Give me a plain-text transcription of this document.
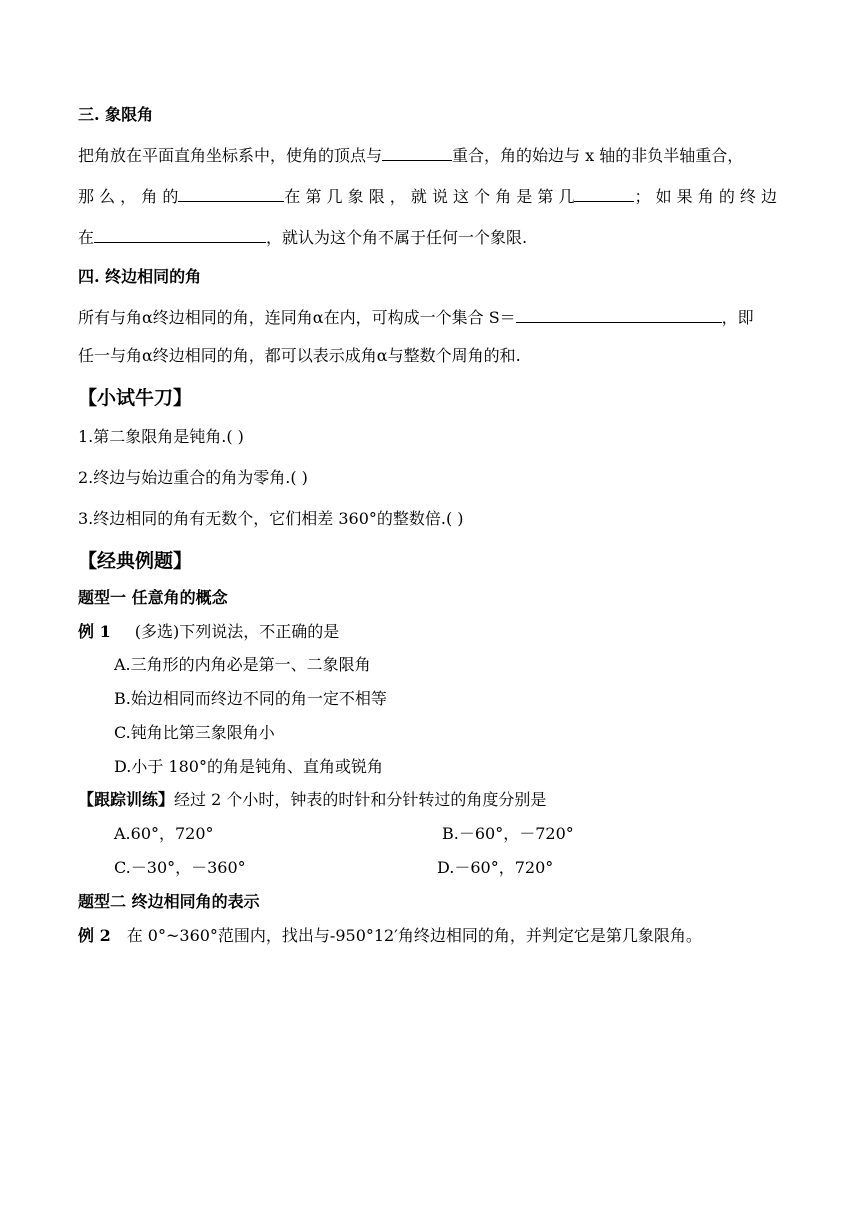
三. 象限角
把角放在平面直角坐标系中，使角的顶点与	重合，角的始边与 x 轴的非负半轴重合，
那 么 ， 角 的	在 第 几 象 限 ， 就 说 这 个 角 是 第 几	； 如 果 角 的 终 边
在	，就认为这个角不属于任何一个象限.
四. 终边相同的角
所有与角α终边相同的角，连同角α在内，可构成一个集合 S＝	，即
任一与角α终边相同的角，都可以表示成角α与整数个周角的和.
【小试牛刀】
1.第二象限角是钝角.( )
2.终边与始边重合的角为零角.( )
3.终边相同的角有无数个，它们相差 360°的整数倍.( )
【经典例题】
题型一 任意角的概念
例 1 (多选)下列说法，不正确的是
A.三角形的内角必是第一、二象限角
B.始边相同而终边不同的角一定不相等
C.钝角比第三象限角小
D.小于 180°的角是钝角、直角或锐角
【跟踪训练】经过 2 个小时，钟表的时针和分针转过的角度分别是
A.60°，720°	B.－60°，－720°
C.－30°，－360°	D.－60°，720°
题型二 终边相同角的表示
例 2 在 0°~360°范围内，找出与-950°12′角终边相同的角，并判定它是第几象限角。
